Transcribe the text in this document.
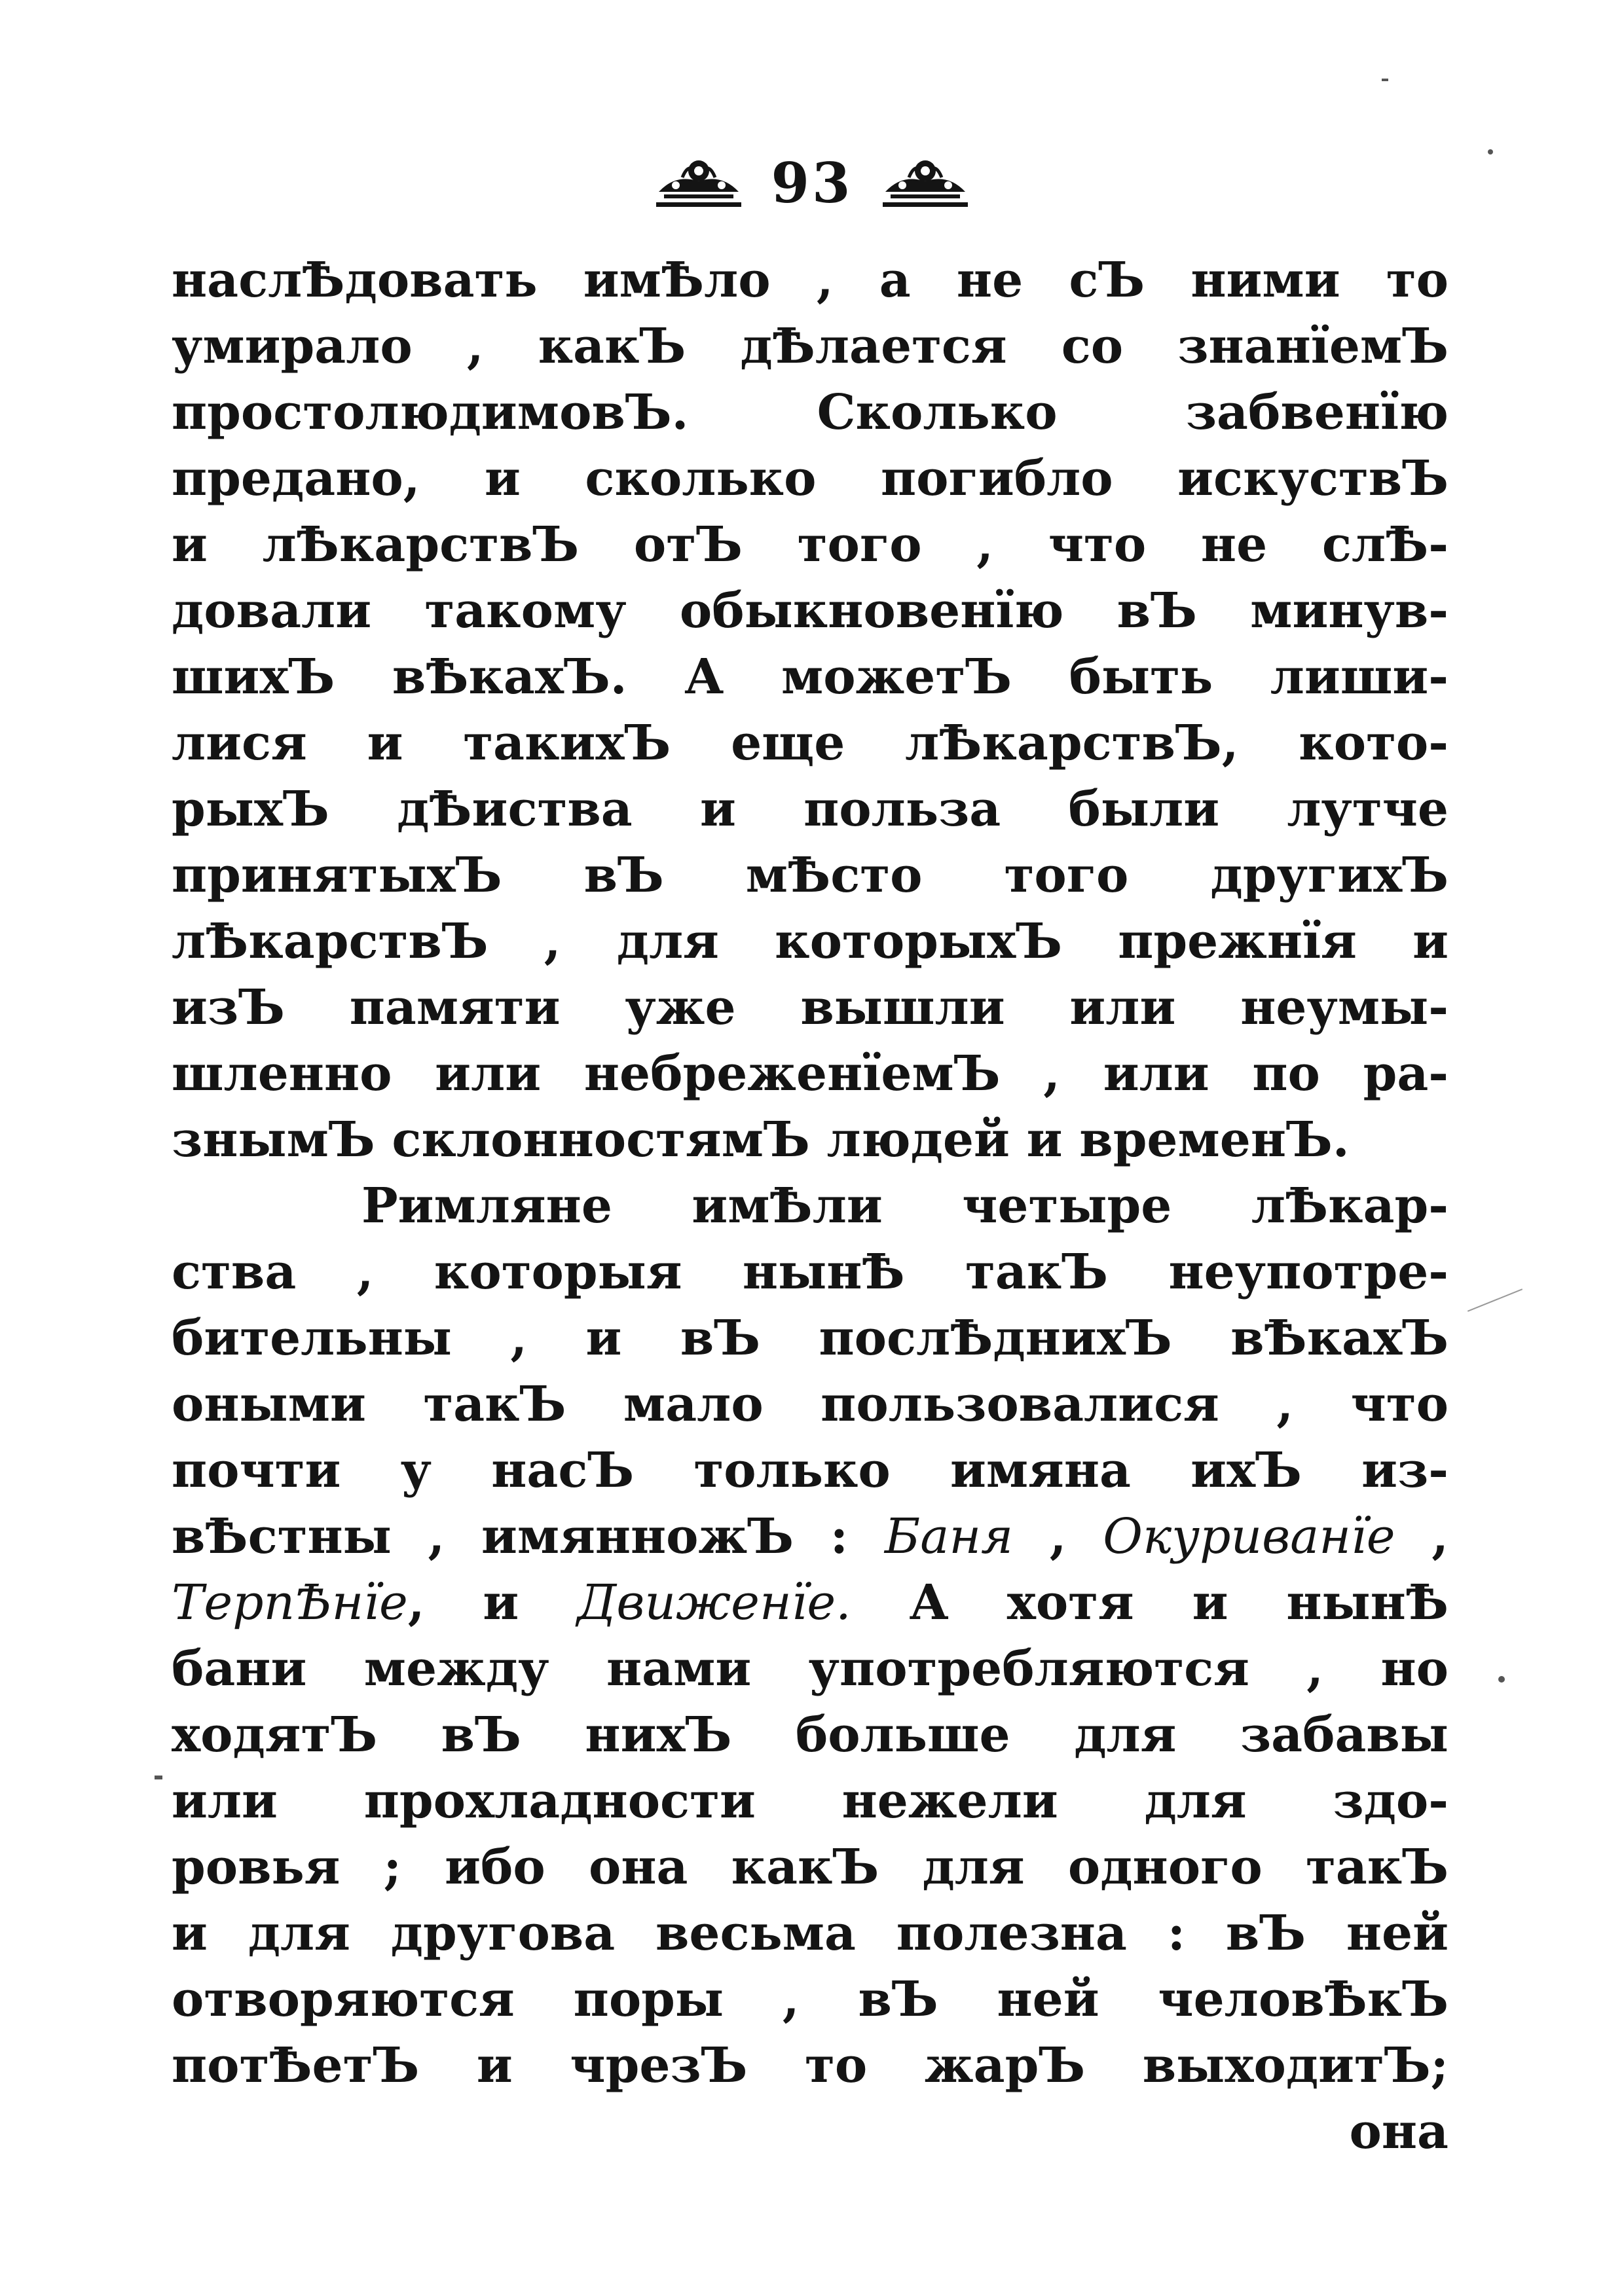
93
наслѢдовать имѢло , а не сЪ ними то
умирало , какЪ дѢлается со знанїемЪ
простолюдимовЪ. Сколько забвенїю
предано, и сколько погибло искуствЪ
и лѢкарствЪ отЪ того , что не слѢ-
довали такому обыкновенїю вЪ минув-
шихЪ вѢкахЪ. А можетЪ быть лиши-
лися и такихЪ еще лѢкарствЪ, кото-
рыхЪ дѢиства и польза были лутче
принятыхЪ вЪ мѢсто того другихЪ
лѢкарствЪ , для которыхЪ прежнїя и
изЪ памяти уже вышли или неумы-
шленно или небреженїемЪ , или по ра-
знымЪ склонностямЪ людей и временЪ.
Римляне имѢли четыре лѢкар-
ства , которыя нынѢ такЪ неупотре-
бительны , и вЪ послѢднихЪ вѢкахЪ
оными такЪ мало пользовалися , что
почти у насЪ только имяна ихЪ из-
вѢстны , имянножЪ : Баня , Окуриванїе ,
ТерпѢнїе, и Движенїе. А хотя и нынѢ
бани между нами употребляются , но
ходятЪ вЪ нихЪ больше для забавы
или прохладности нежели для здо-
ровья ; ибо она какЪ для одного такЪ
и для другова весьма полезна : вЪ ней
отворяются поры , вЪ ней человѢкЪ
потѢетЪ и чрезЪ то жарЪ выходитЪ;
она
